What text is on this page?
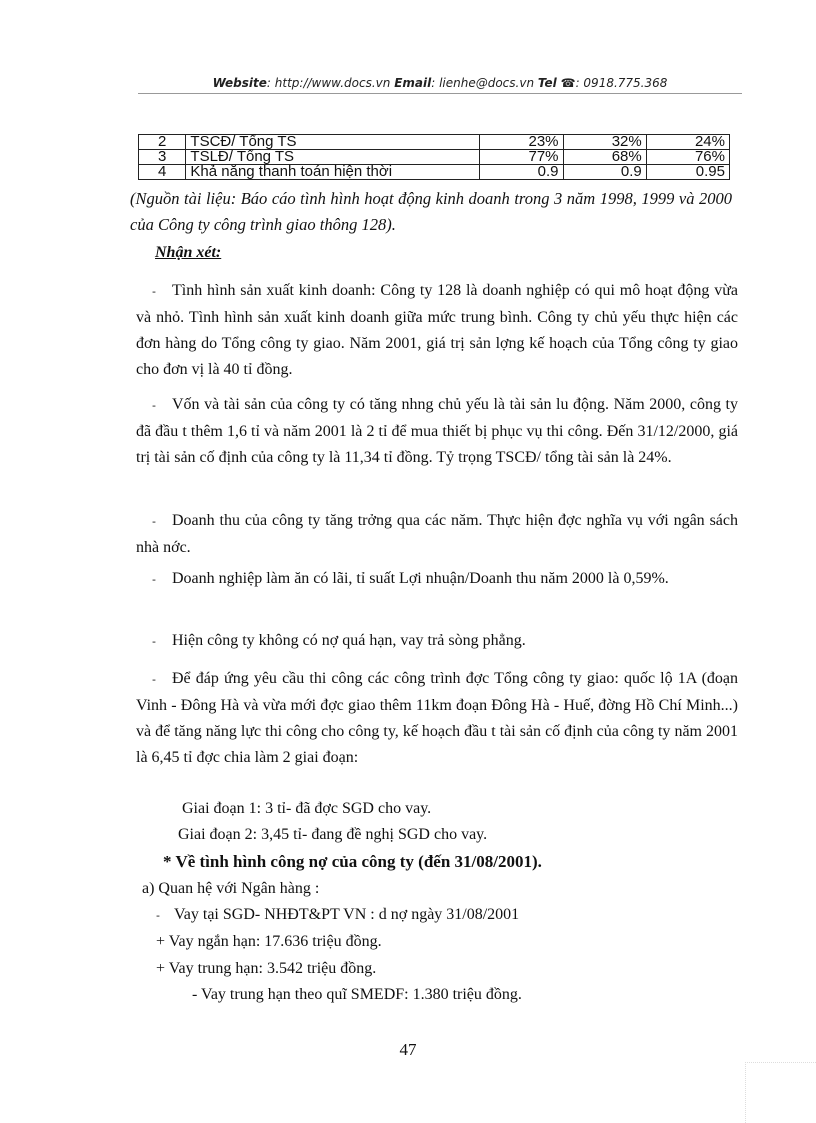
Website: http://www.docs.vn Email: lienhe@docs.vn Tel ☎: 0918.775.368
2	TSCĐ/ Tổng TS	23%	32%	24%
3	TSLĐ/ Tổng TS	77%	68%	76%
4	Khả năng thanh toán hiện thời	0.9	0.9	0.95

(Nguồn tài liệu: Báo cáo tình hình hoạt động kinh doanh trong 3 năm 1998, 1999 và 2000 của Công ty công trình giao thông 128).

Nhận xét:

- Tình hình sản xuất kinh doanh: Công ty 128 là doanh nghiệp có qui mô hoạt động vừa và nhỏ. Tình hình sản xuất kinh doanh giữa mức trung bình. Công ty chủ yếu thực hiện các đơn hàng do Tổng công ty giao. Năm 2001, giá trị sản lợng kế hoạch của Tổng công ty giao cho đơn vị là 40 tỉ đồng.

- Vốn và tài sản của công ty có tăng nhng chủ yếu là tài sản lu động. Năm 2000, công ty đã đầu t thêm 1,6 tỉ và năm 2001 là 2 tỉ để mua thiết bị phục vụ thi công. Đến 31/12/2000, giá trị tài sản cố định của công ty là 11,34 tỉ đồng. Tỷ trọng TSCĐ/ tổng tài sản là 24%.

- Doanh thu của công ty tăng trởng qua các năm. Thực hiện đợc nghĩa vụ với ngân sách nhà nớc.

- Doanh nghiệp làm ăn có lãi, tỉ suất Lợi nhuận/Doanh thu năm 2000 là 0,59%.

- Hiện công ty không có nợ quá hạn, vay trả sòng phẳng.

- Để đáp ứng yêu cầu thi công các công trình đợc Tổng công ty giao: quốc lộ 1A (đoạn Vinh - Đông Hà và vừa mới đợc giao thêm 11km đoạn Đông Hà - Huế, đờng Hồ Chí Minh...) và để tăng năng lực thi công cho công ty, kế hoạch đầu t tài sản cố định của công ty năm 2001 là 6,45 tỉ đợc chia làm 2 giai đoạn:

Giai đoạn 1: 3 tỉ- đã đợc SGD cho vay.

Giai đoạn 2: 3,45 tỉ- đang đề nghị SGD cho vay.

* Về tình hình công nợ của công ty (đến 31/08/2001).

a) Quan hệ với Ngân hàng :

- Vay tại SGD- NHĐT&PT VN : d nợ ngày 31/08/2001

+ Vay ngắn hạn: 17.636 triệu đồng.

+ Vay trung hạn: 3.542 triệu đồng.

- Vay trung hạn theo quĩ SMEDF: 1.380 triệu đồng.

47
